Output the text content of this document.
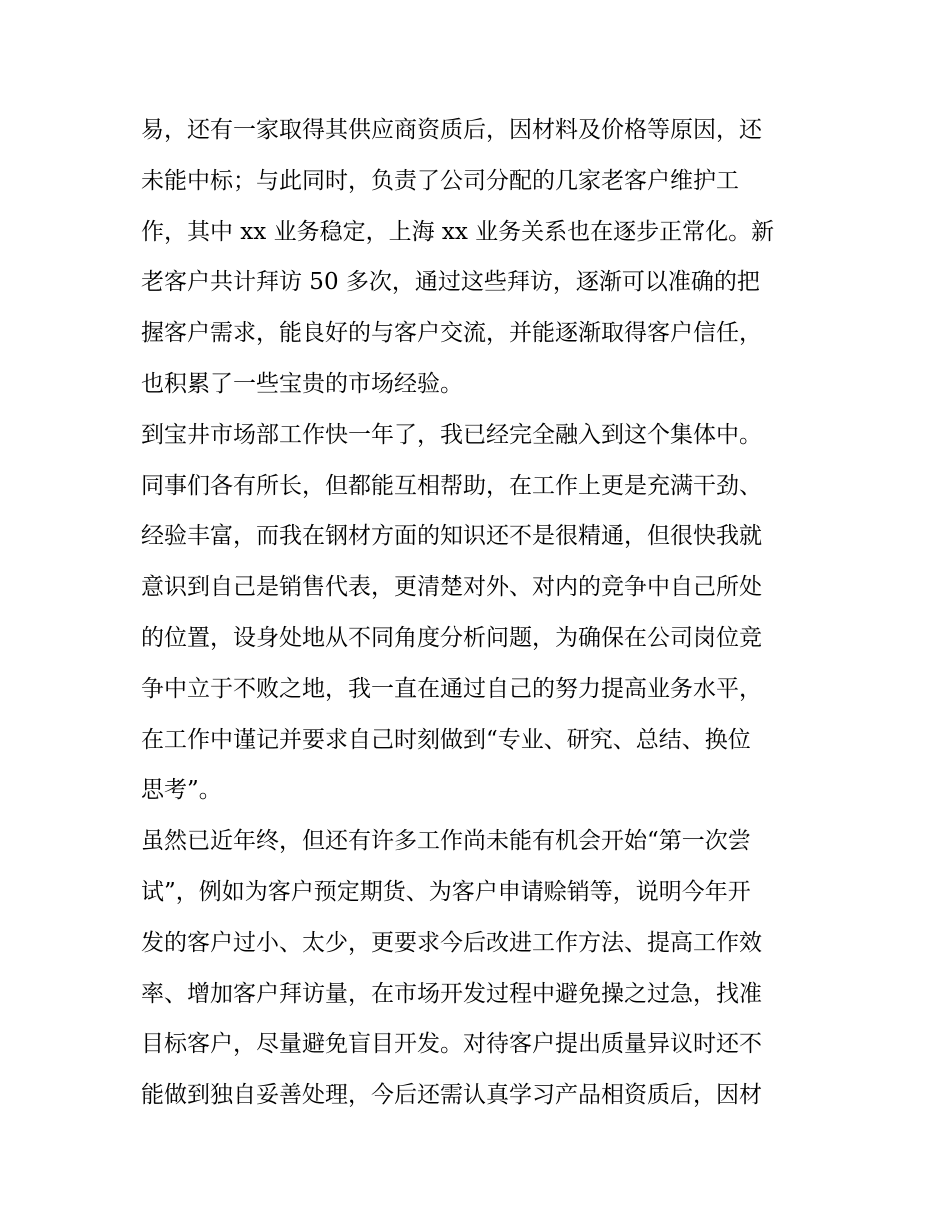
易，还有一家取得其供应商资质后，因材料及价格等原因，还
未能中标；与此同时，负责了公司分配的几家老客户维护工
作，其中 xx 业务稳定，上海 xx 业务关系也在逐步正常化。新
老客户共计拜访 50 多次，通过这些拜访，逐渐可以准确的把
握客户需求，能良好的与客户交流，并能逐渐取得客户信任，
也积累了一些宝贵的市场经验。
到宝井市场部工作快一年了，我已经完全融入到这个集体中。
同事们各有所长，但都能互相帮助，在工作上更是充满干劲、
经验丰富，而我在钢材方面的知识还不是很精通，但很快我就
意识到自己是销售代表，更清楚对外、对内的竞争中自己所处
的位置，设身处地从不同角度分析问题，为确保在公司岗位竞
争中立于不败之地，我一直在通过自己的努力提高业务水平，
在工作中谨记并要求自己时刻做到“专业、研究、总结、换位
思考”。
虽然已近年终，但还有许多工作尚未能有机会开始“第一次尝
试”，例如为客户预定期货、为客户申请赊销等，说明今年开
发的客户过小、太少，更要求今后改进工作方法、提高工作效
率、增加客户拜访量，在市场开发过程中避免操之过急，找准
目标客户，尽量避免盲目开发。对待客户提出质量异议时还不
能做到独自妥善处理，今后还需认真学习产品相资质后，因材
